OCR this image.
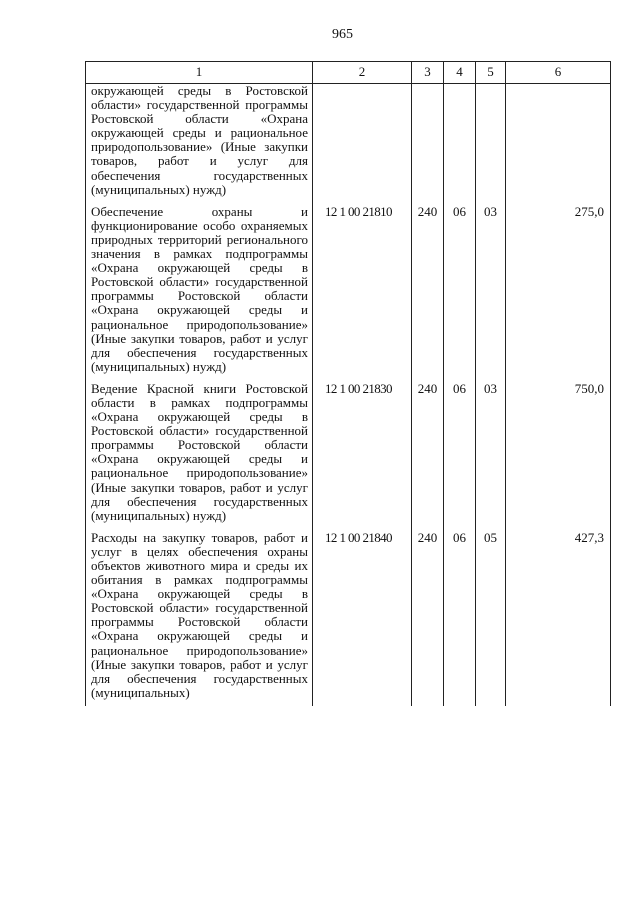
965
1	2	3	4	5	6
окружающей среды в Ростовской области» государственной программы Ростовской области «Охрана окружающей среды и рациональное природопользование» (Иные закупки товаров, работ и услуг для обеспечения государственных (муниципальных) нужд)					
Обеспечение охраны и функционирование особо охраняемых природных территорий регионального значения в рамках подпрограммы «Охрана окружающей среды в Ростовской области» государственной программы Ростовской области «Охрана окружающей среды и рациональное природопользование» (Иные закупки товаров, работ и услуг для обеспечения государственных (муниципальных) нужд)	12 1 00 21810	240	06	03	275,0
Ведение Красной книги Ростовской области в рамках подпрограммы «Охрана окружающей среды в Ростовской области» государственной программы Ростовской области «Охрана окружающей среды и рациональное природопользование» (Иные закупки товаров, работ и услуг для обеспечения государственных (муниципальных) нужд)	12 1 00 21830	240	06	03	750,0
Расходы на закупку товаров, работ и услуг в целях обеспечения охраны объектов животного мира и среды их обитания в рамках подпрограммы «Охрана окружающей среды в Ростовской области» государственной программы Ростовской области «Охрана окружающей среды и рациональное природопользование» (Иные закупки товаров, работ и услуг для обеспечения государственных (муниципальных)	12 1 00 21840	240	06	05	427,3
